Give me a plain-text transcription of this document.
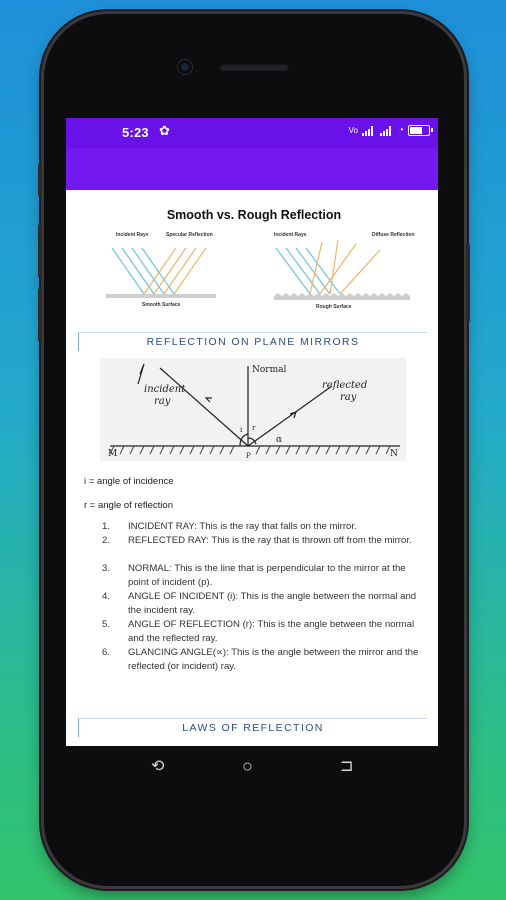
5:23 ✿	Vo	◔
Smooth vs. Rough Reflection
Incident Rays	Specular Reflection
Smooth Surface
Incident Rays	Diffuse Reflection
Rough Surface
REFLECTION ON PLANE MIRRORS
Normal
incident ray
reflected ray
i r
α
M	N
P
i = angle of incidence
r = angle of reflection
1. INCIDENT RAY: This is the ray that falls on the mirror.
2. REFLECTED RAY: This is the ray that is thrown off from the mirror.
3. NORMAL: This is the line that is perpendicular to the mirror at the point of incident (p).
4. ANGLE OF INCIDENT (i): This is the angle between the normal and the incident ray.
5. ANGLE OF REFLECTION (r): This is the angle between the normal and the reflected ray.
6. GLANCING ANGLE(∝): This is the angle between the mirror and the reflected (or incident) ray.
LAWS OF REFLECTION
⟲	○	⊐
